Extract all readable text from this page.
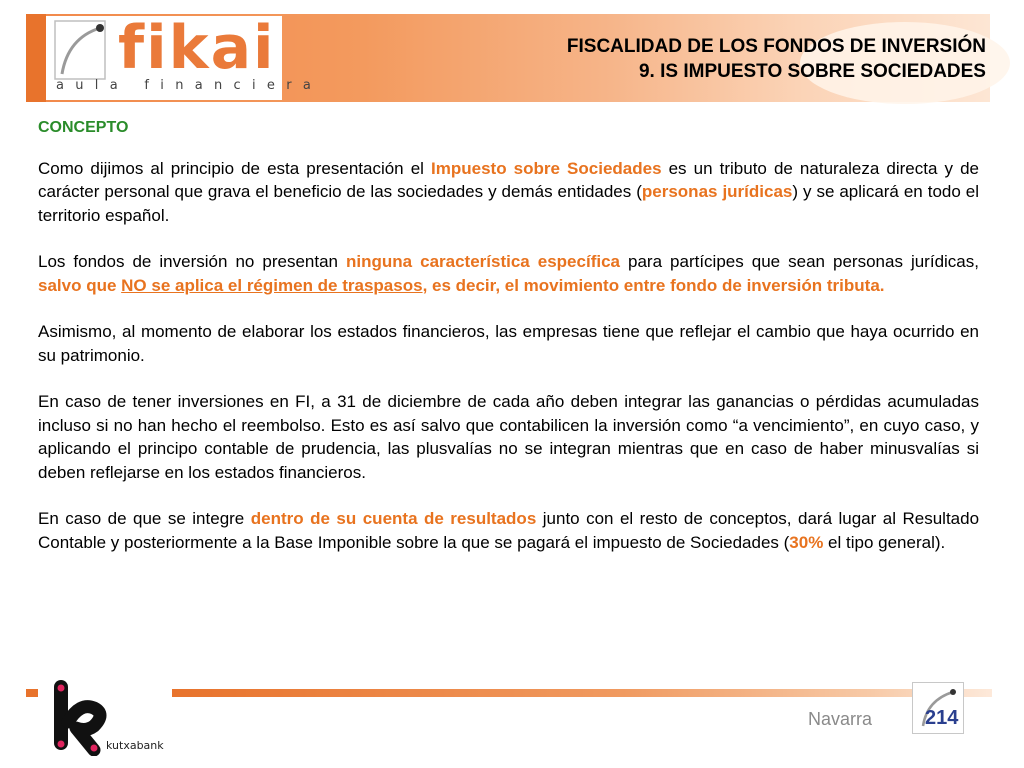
fikai
aula financiera
FISCALIDAD DE LOS FONDOS DE INVERSIÓN
9. IS IMPUESTO SOBRE SOCIEDADES
CONCEPTO

Como dijimos al principio de esta presentación el Impuesto sobre Sociedades es un tributo de naturaleza directa y de carácter personal que grava el beneficio de las sociedades y demás entidades (personas jurídicas) y se aplicará en todo el territorio español.

Los fondos de inversión no presentan ninguna característica específica para partícipes que sean personas jurídicas, salvo que NO se aplica el régimen de traspasos, es decir, el movimiento entre fondo de inversión tributa.

Asimismo, al momento de elaborar los estados financieros, las empresas tiene que reflejar el cambio que haya ocurrido en su patrimonio.

En caso de tener inversiones en FI, a 31 de diciembre de cada año deben integrar las ganancias o pérdidas acumuladas incluso si no han hecho el reembolso. Esto es así salvo que contabilicen la inversión como “a vencimiento”, en cuyo caso, y aplicando el principo contable de prudencia, las plusvalías no se integran mientras que en caso de haber minusvalías si deben reflejarse en los estados financieros.

En caso de que se integre dentro de su cuenta de resultados junto con el resto de conceptos, dará lugar al Resultado Contable y posteriormente a la Base Imponible sobre la que se pagará el impuesto de Sociedades (30% el tipo general).

kutxabank
Navarra	214
